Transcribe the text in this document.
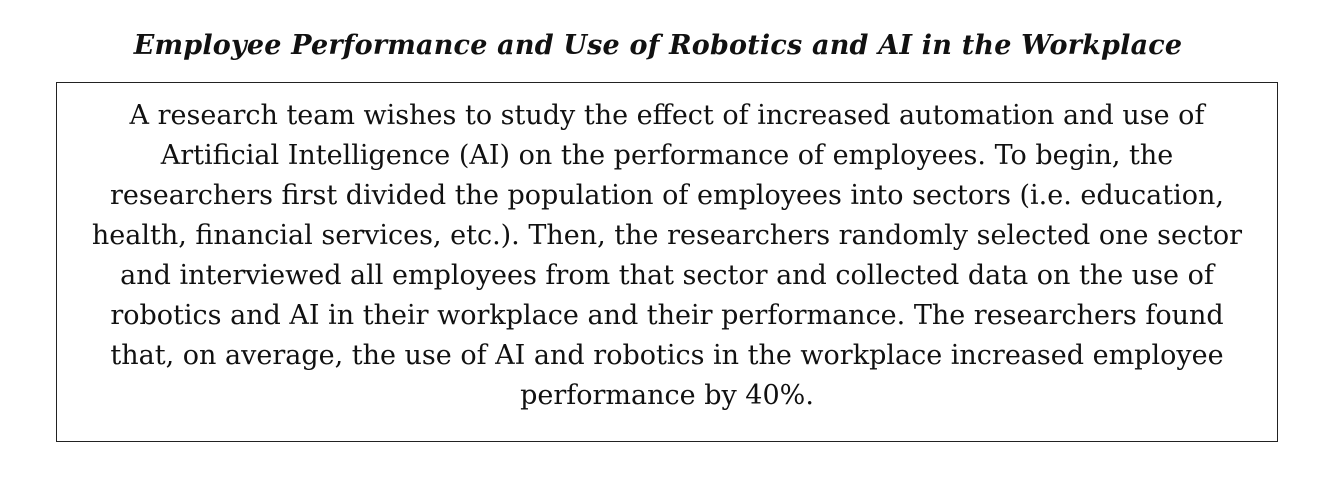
Employee Performance and Use of Robotics and AI in the Workplace
A research team wishes to study the effect of increased automation and use of
Artificial Intelligence (AI) on the performance of employees. To begin, the
researchers first divided the population of employees into sectors (i.e. education,
health, financial services, etc.). Then, the researchers randomly selected one sector
and interviewed all employees from that sector and collected data on the use of
robotics and AI in their workplace and their performance. The researchers found
that, on average, the use of AI and robotics in the workplace increased employee
performance by 40%.
